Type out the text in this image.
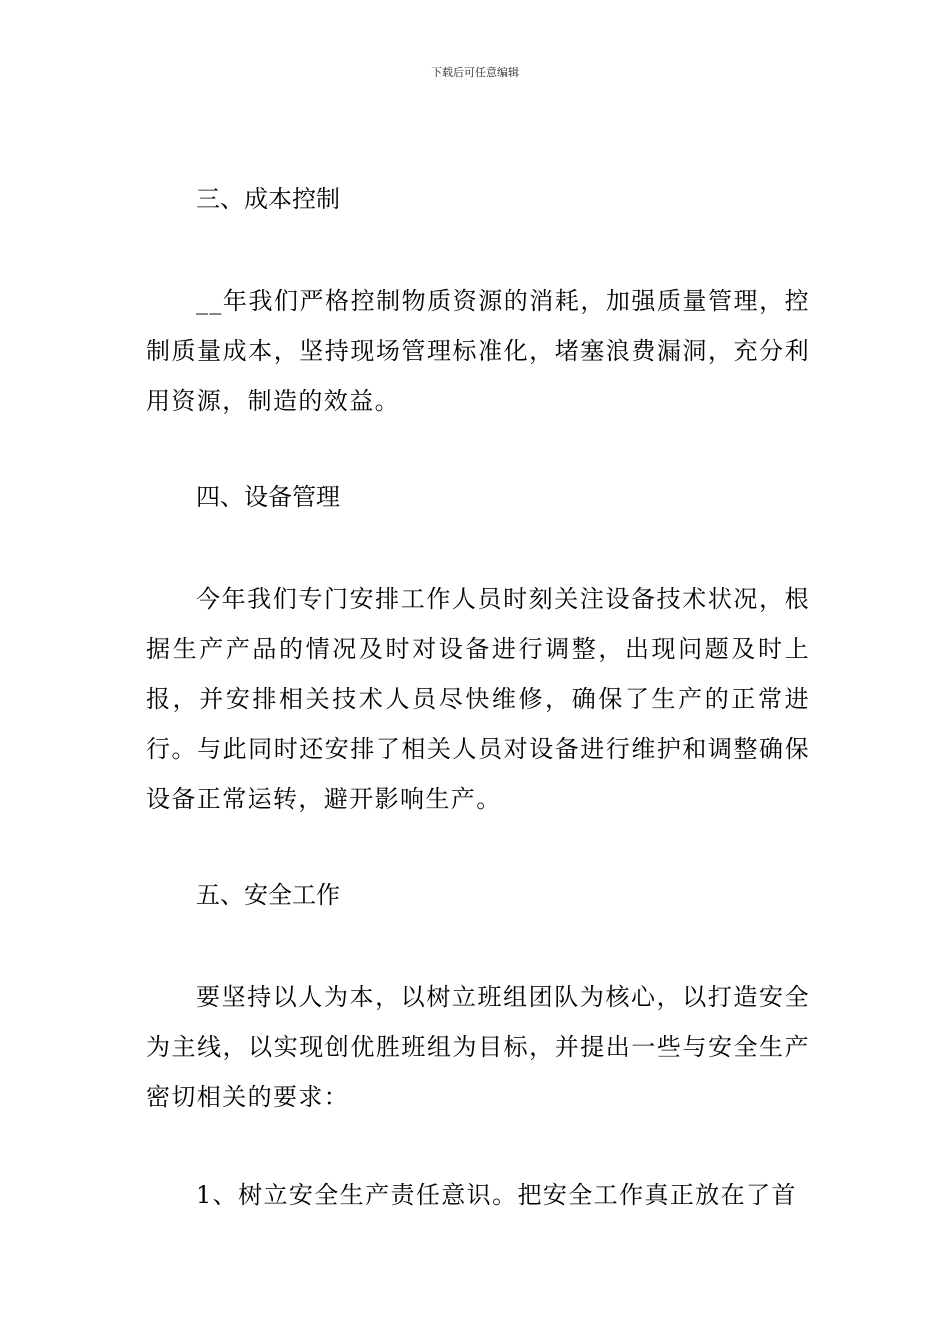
下载后可任意编辑
三、成本控制
__年我们严格控制物质资源的消耗，加强质量管理，控制质量成本，坚持现场管理标准化，堵塞浪费漏洞，充分利用资源，制造的效益。
四、设备管理
今年我们专门安排工作人员时刻关注设备技术状况，根据生产产品的情况及时对设备进行调整，出现问题及时上报，并安排相关技术人员尽快维修，确保了生产的正常进行。与此同时还安排了相关人员对设备进行维护和调整确保设备正常运转，避开影响生产。
五、安全工作
要坚持以人为本，以树立班组团队为核心，以打造安全为主线，以实现创优胜班组为目标，并提出一些与安全生产密切相关的要求：
1、树立安全生产责任意识。把安全工作真正放在了首
